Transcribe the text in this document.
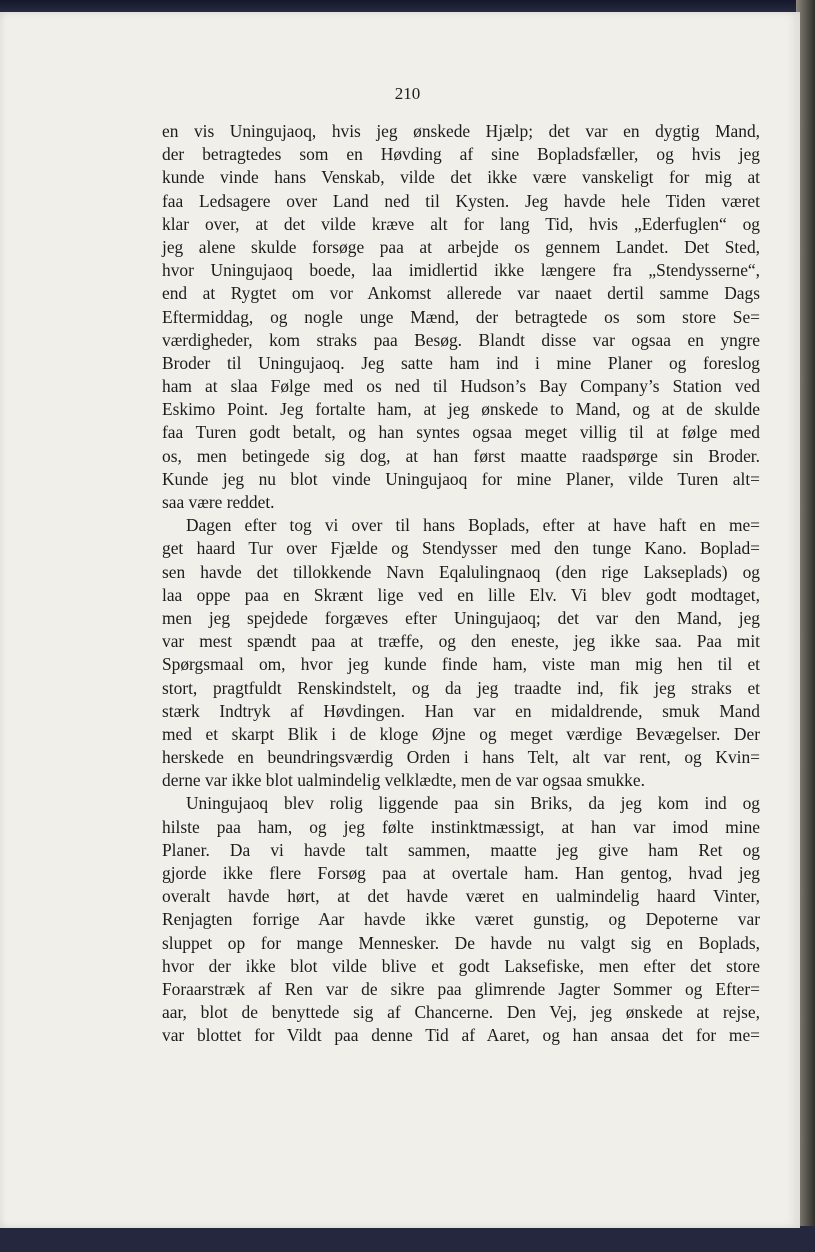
210
en vis Uningujaoq, hvis jeg ønskede Hjælp; det var en dygtig Mand,
der betragtedes som en Høvding af sine Bopladsfæller, og hvis jeg
kunde vinde hans Venskab, vilde det ikke være vanskeligt for mig at
faa Ledsagere over Land ned til Kysten. Jeg havde hele Tiden været
klar over, at det vilde kræve alt for lang Tid, hvis „Ederfuglen“ og
jeg alene skulde forsøge paa at arbejde os gennem Landet. Det Sted,
hvor Uningujaoq boede, laa imidlertid ikke længere fra „Stendysserne“,
end at Rygtet om vor Ankomst allerede var naaet dertil samme Dags
Eftermiddag, og nogle unge Mænd, der betragtede os som store Se=
værdigheder, kom straks paa Besøg. Blandt disse var ogsaa en yngre
Broder til Uningujaoq. Jeg satte ham ind i mine Planer og foreslog
ham at slaa Følge med os ned til Hudson’s Bay Company’s Station ved
Eskimo Point. Jeg fortalte ham, at jeg ønskede to Mand, og at de skulde
faa Turen godt betalt, og han syntes ogsaa meget villig til at følge med
os, men betingede sig dog, at han først maatte raadspørge sin Broder.
Kunde jeg nu blot vinde Uningujaoq for mine Planer, vilde Turen alt=
saa være reddet.
Dagen efter tog vi over til hans Boplads, efter at have haft en me=
get haard Tur over Fjælde og Stendysser med den tunge Kano. Boplad=
sen havde det tillokkende Navn Eqalulingnaoq (den rige Lakseplads) og
laa oppe paa en Skrænt lige ved en lille Elv. Vi blev godt modtaget,
men jeg spejdede forgæves efter Uningujaoq; det var den Mand, jeg
var mest spændt paa at træffe, og den eneste, jeg ikke saa. Paa mit
Spørgsmaal om, hvor jeg kunde finde ham, viste man mig hen til et
stort, pragtfuldt Renskindstelt, og da jeg traadte ind, fik jeg straks et
stærk Indtryk af Høvdingen. Han var en midaldrende, smuk Mand
med et skarpt Blik i de kloge Øjne og meget værdige Bevægelser. Der
herskede en beundringsværdig Orden i hans Telt, alt var rent, og Kvin=
derne var ikke blot ualmindelig velklædte, men de var ogsaa smukke.
Uningujaoq blev rolig liggende paa sin Briks, da jeg kom ind og
hilste paa ham, og jeg følte instinktmæssigt, at han var imod mine
Planer. Da vi havde talt sammen, maatte jeg give ham Ret og
gjorde ikke flere Forsøg paa at overtale ham. Han gentog, hvad jeg
overalt havde hørt, at det havde været en ualmindelig haard Vinter,
Renjagten forrige Aar havde ikke været gunstig, og Depoterne var
sluppet op for mange Mennesker. De havde nu valgt sig en Boplads,
hvor der ikke blot vilde blive et godt Laksefiske, men efter det store
Foraarstræk af Ren var de sikre paa glimrende Jagter Sommer og Efter=
aar, blot de benyttede sig af Chancerne. Den Vej, jeg ønskede at rejse,
var blottet for Vildt paa denne Tid af Aaret, og han ansaa det for me=
